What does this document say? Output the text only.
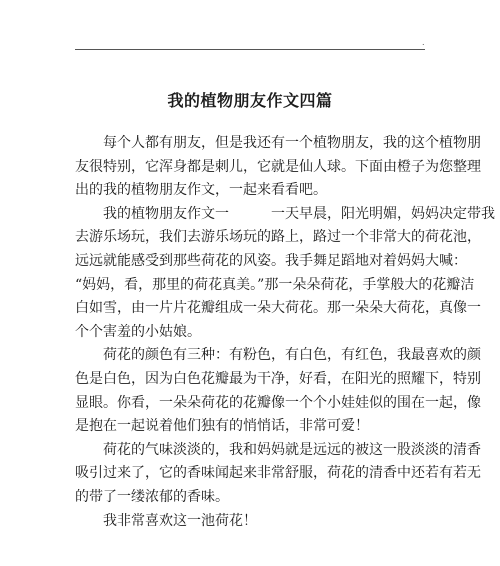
.
我的植物朋友作文四篇

每个人都有朋友，但是我还有一个植物朋友，我的这个植物朋
友很特别，它浑身都是刺儿，它就是仙人球。下面由橙子为您整理
出的我的植物朋友作文，一起来看看吧。

我的植物朋友作文一　　　一天早晨，阳光明媚，妈妈决定带我
去游乐场玩，我们去游乐场玩的路上，路过一个非常大的荷花池，
远远就能感受到那些荷花的风姿。我手舞足蹈地对着妈妈大喊：
“妈妈，看，那里的荷花真美。”那一朵朵荷花，手掌般大的花瓣洁
白如雪，由一片片花瓣组成一朵大荷花。那一朵朵大荷花，真像一
个个害羞的小姑娘。

荷花的颜色有三种：有粉色，有白色，有红色，我最喜欢的颜
色是白色，因为白色花瓣最为干净，好看，在阳光的照耀下，特别
显眼。你看，一朵朵荷花的花瓣像一个个小娃娃似的围在一起，像
是抱在一起说着他们独有的悄悄话，非常可爱！

荷花的气味淡淡的，我和妈妈就是远远的被这一股淡淡的清香
吸引过来了，它的香味闻起来非常舒服，荷花的清香中还若有若无
的带了一缕浓郁的香味。

我非常喜欢这一池荷花！
